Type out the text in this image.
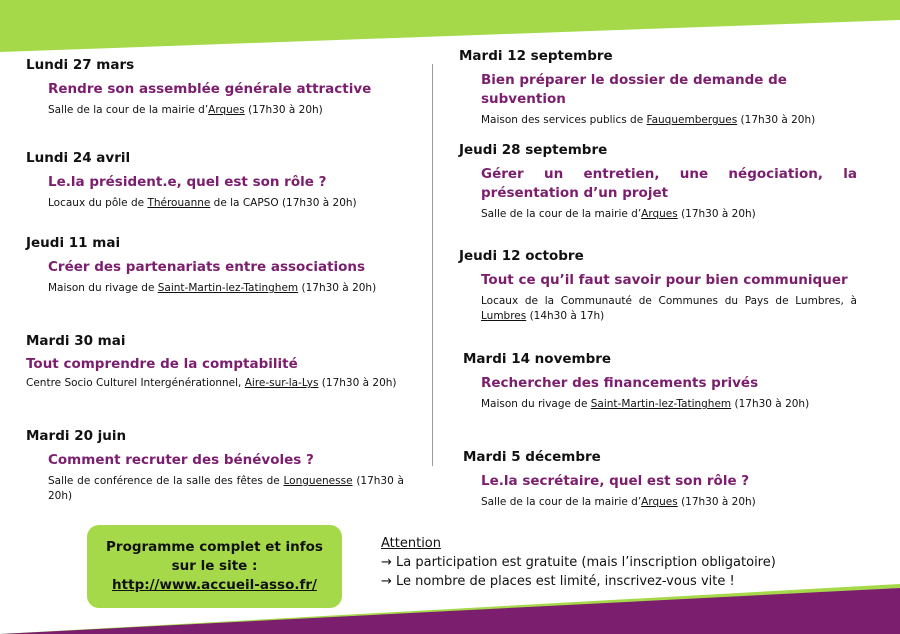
Lundi 27 mars
Rendre son assemblée générale attractive
Salle de la cour de la mairie d’Arques (17h30 à 20h)
Lundi 24 avril
Le.la président.e, quel est son rôle ?
Locaux du pôle de Thérouanne de la CAPSO (17h30 à 20h)
Jeudi 11 mai
Créer des partenariats entre associations
Maison du rivage de Saint-Martin-lez-Tatinghem (17h30 à 20h)
Mardi 30 mai
Tout comprendre de la comptabilité
Centre Socio Culturel Intergénérationnel, Aire-sur-la-Lys (17h30 à 20h)
Mardi 20 juin
Comment recruter des bénévoles ?
Salle de conférence de la salle des fêtes de Longuenesse (17h30 à 20h)
Mardi 12 septembre
Bien préparer le dossier de demande de subvention
Maison des services publics de Fauquembergues (17h30 à 20h)
Jeudi 28 septembre
Gérer un entretien, une négociation, la présentation d’un projet
Salle de la cour de la mairie d’Arques (17h30 à 20h)
Jeudi 12 octobre
Tout ce qu’il faut savoir pour bien communiquer
Locaux de la Communauté de Communes du Pays de Lumbres, à Lumbres (14h30 à 17h)
Mardi 14 novembre
Rechercher des financements privés
Maison du rivage de Saint-Martin-lez-Tatinghem (17h30 à 20h)
Mardi 5 décembre
Le.la secrétaire, quel est son rôle ?
Salle de la cour de la mairie d’Arques (17h30 à 20h)
Programme complet et infos
sur le site :
http://www.accueil-asso.fr/
Attention
→ La participation est gratuite (mais l’inscription obligatoire)
→ Le nombre de places est limité, inscrivez-vous vite !
